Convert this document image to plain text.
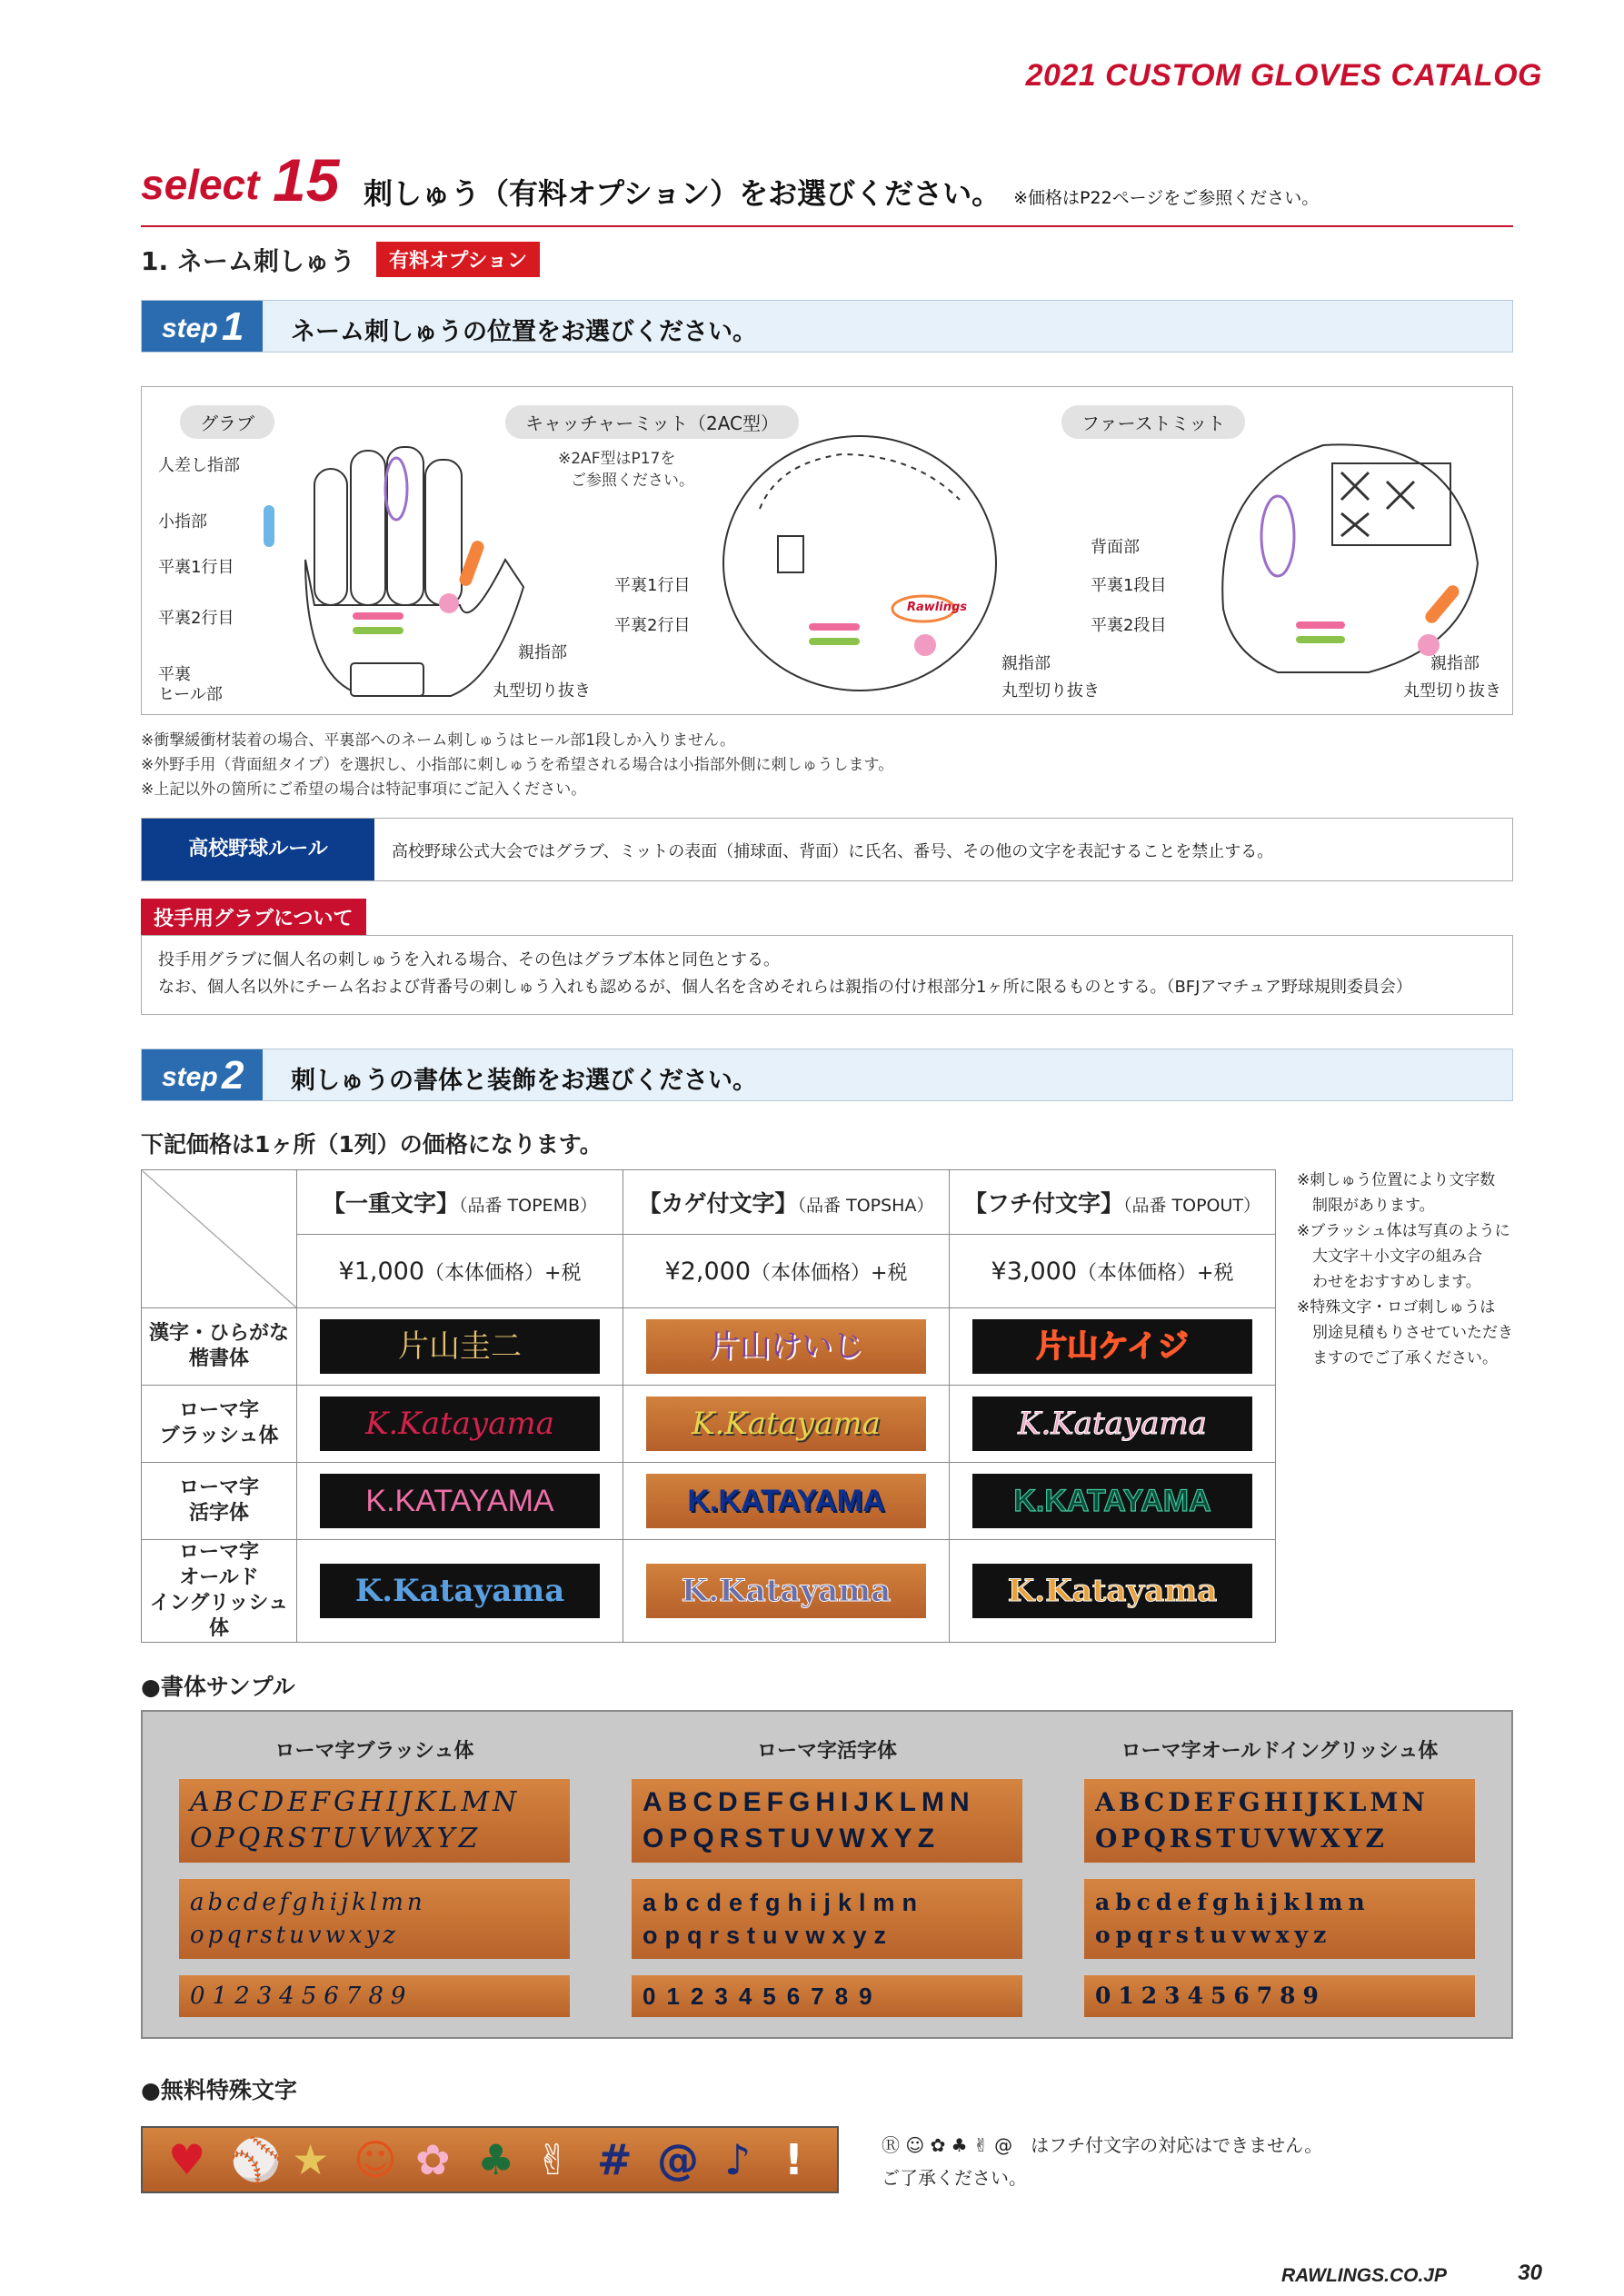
2021 CUSTOM GLOVES CATALOG
select 15 刺しゅう（有料オプション）をお選びください。 ※価格はP22ページをご参照ください。
1. ネーム刺しゅう	有料オプション
step 1 ネーム刺しゅうの位置をお選びください。
グラブ
人差し指部
小指部
平裏1行目
平裏2行目
平裏
ヒール部
親指部
丸型切り抜き
キャッチャーミット（2AC型）
※2AF型はP17を
ご参照ください。
平裏1行目
平裏2行目
親指部
丸型切り抜き
Rawlings
ファーストミット
背面部
平裏1段目
平裏2段目
親指部
丸型切り抜き
※衝撃緩衝材装着の場合、平裏部へのネーム刺しゅうはヒール部1段しか入りません。
※外野手用（背面紐タイプ）を選択し、小指部に刺しゅうを希望される場合は小指部外側に刺しゅうします。
※上記以外の箇所にご希望の場合は特記事項にご記入ください。
高校野球ルール	高校野球公式大会ではグラブ、ミットの表面（捕球面、背面）に氏名、番号、その他の文字を表記することを禁止する。
投手用グラブについて
投手用グラブに個人名の刺しゅうを入れる場合、その色はグラブ本体と同色とする。
なお、個人名以外にチーム名および背番号の刺しゅう入れも認めるが、個人名を含めそれらは親指の付け根部分1ヶ所に限るものとする。（BFJアマチュア野球規則委員会）
step 2 刺しゅうの書体と装飾をお選びください。
下記価格は1ヶ所（1列）の価格になります。
	【一重文字】（品番 TOPEMB）	【カゲ付文字】（品番 TOPSHA）	【フチ付文字】（品番 TOPOUT）
	¥1,000（本体価格）+税	¥2,000（本体価格）+税	¥3,000（本体価格）+税

漢字・ひらがな
楷書体	片山圭二	片山けいじ	片山ケイジ

ローマ字
ブラッシュ体	K.Katayama	K.Katayama	K.Katayama

ローマ字
活字体	K.KATAYAMA	K.KATAYAMA	K.KATAYAMA

ローマ字
オールド
イングリッシュ体	K.Katayama	K.Katayama	K.Katayama
※刺しゅう位置により文字数
　制限があります。
※ブラッシュ体は写真のように
　大文字＋小文字の組み合
　わせをおすすめします。
※特殊文字・ロゴ刺しゅうは
　別途見積もりさせていただき
　ますのでご了承ください。
●書体サンプル
ローマ字ブラッシュ体
ABCDEFGHIJKLMN
OPQRSTUVWXYZ
abcdefghijklmn
opqrstuvwxyz
0123456789
ローマ字活字体
ABCDEFGHIJKLMN
OPQRSTUVWXYZ
abcdefghijklmn
opqrstuvwxyz
0123456789
ローマ字オールドイングリッシュ体
ABCDEFGHIJKLMN
OPQRSTUVWXYZ
abcdefghijklmn
opqrstuvwxyz
0123456789
●無料特殊文字
♥ ⚾ ★ ☺ ✿ ♣ ✌ # @ ♪ !	Ⓡ ☺ ✿ ♣ ✌ @　 はフチ付文字の対応はできません。
ご了承ください。
RAWLINGS.CO.JP	30
